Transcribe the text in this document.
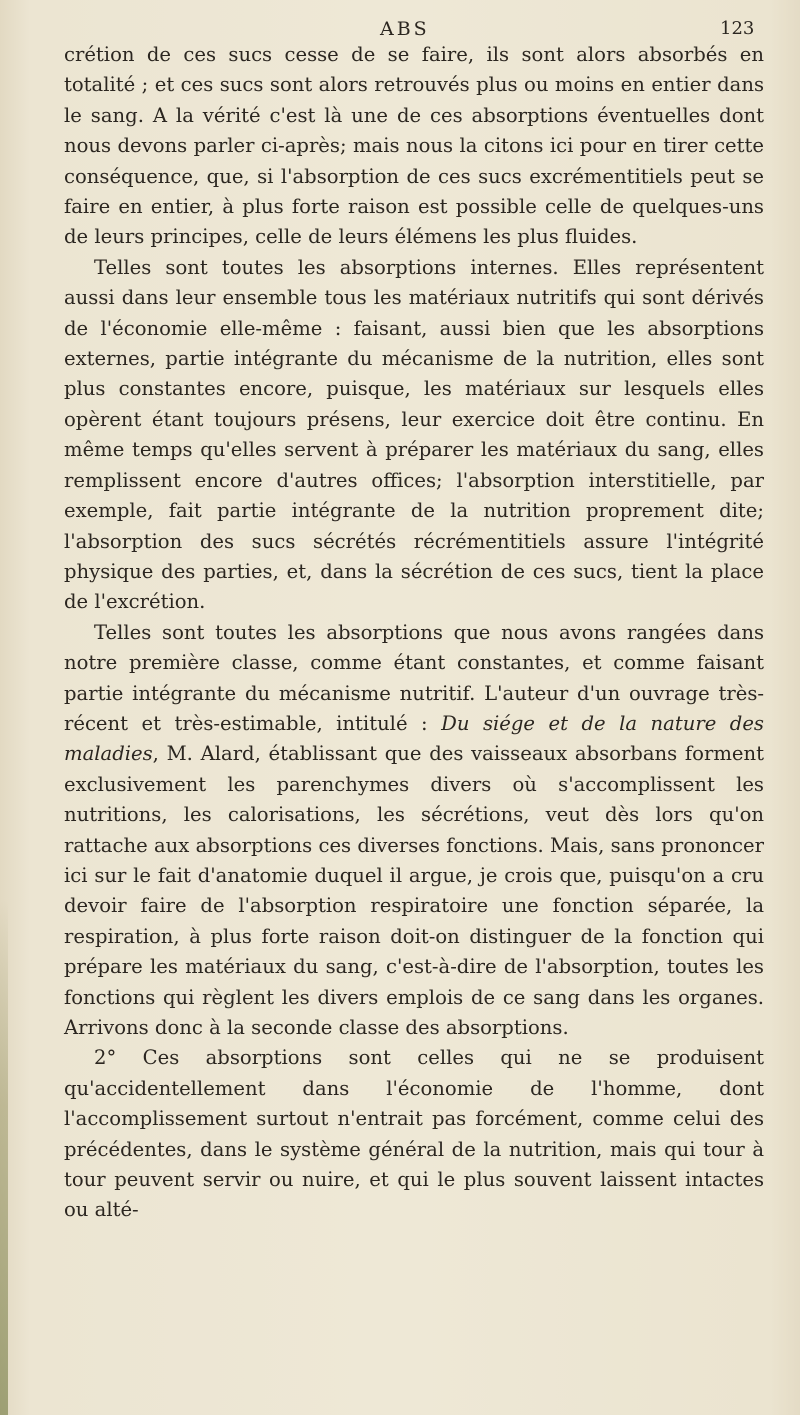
ABS	123

crétion de ces sucs cesse de se faire, ils sont alors absorbés en totalité ; et ces sucs sont alors retrouvés plus ou moins en entier dans le sang. A la vérité c'est là une de ces absorptions éventuelles dont nous devons parler ci-après; mais nous la citons ici pour en tirer cette conséquence, que, si l'absorption de ces sucs excrémentitiels peut se faire en entier, à plus forte raison est possible celle de quelques-uns de leurs principes, celle de leurs élémens les plus fluides.

Telles sont toutes les absorptions internes. Elles représentent aussi dans leur ensemble tous les matériaux nutritifs qui sont dérivés de l'économie elle-même : faisant, aussi bien que les absorptions externes, partie intégrante du mécanisme de la nutrition, elles sont plus constantes encore, puisque, les matériaux sur lesquels elles opèrent étant toujours présens, leur exercice doit être continu. En même temps qu'elles servent à préparer les matériaux du sang, elles remplissent encore d'autres offices; l'absorption interstitielle, par exemple, fait partie intégrante de la nutrition proprement dite; l'absorption des sucs sécrétés récrémentitiels assure l'intégrité physique des parties, et, dans la sécrétion de ces sucs, tient la place de l'excrétion.

Telles sont toutes les absorptions que nous avons rangées dans notre première classe, comme étant constantes, et comme faisant partie intégrante du mécanisme nutritif. L'auteur d'un ouvrage très-récent et très-estimable, intitulé : Du siége et de la nature des maladies, M. Alard, établissant que des vaisseaux absorbans forment exclusivement les parenchymes divers où s'accomplissent les nutritions, les calorisations, les sécrétions, veut dès lors qu'on rattache aux absorptions ces diverses fonctions. Mais, sans prononcer ici sur le fait d'anatomie duquel il argue, je crois que, puisqu'on a cru devoir faire de l'absorption respiratoire une fonction séparée, la respiration, à plus forte raison doit-on distinguer de la fonction qui prépare les matériaux du sang, c'est-à-dire de l'absorption, toutes les fonctions qui règlent les divers emplois de ce sang dans les organes. Arrivons donc à la seconde classe des absorptions.

2° Ces absorptions sont celles qui ne se produisent qu'accidentellement dans l'économie de l'homme, dont l'accomplissement surtout n'entrait pas forcément, comme celui des précédentes, dans le système général de la nutrition, mais qui tour à tour peuvent servir ou nuire, et qui le plus souvent laissent intactes ou alté-
